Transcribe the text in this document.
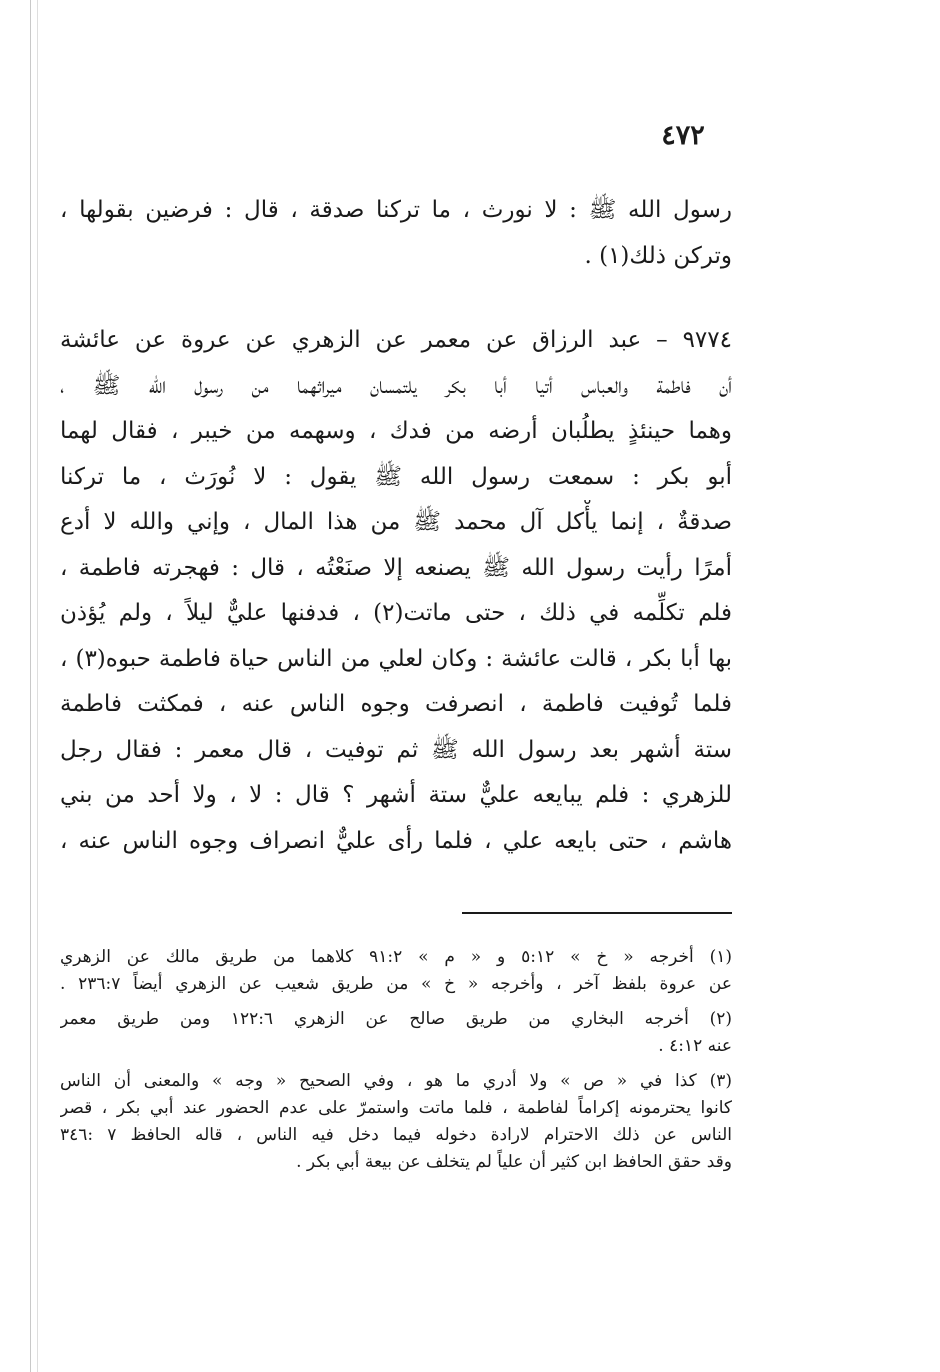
٤٧٢
رسول الله ﷺ : لا نورث ، ما تركنا صدقة ، قال : فرضين بقولها ،
وتركن ذلك(١) .
٩٧٧٤ – عبد الرزاق عن معمر عن الزهري عن عروة عن عائشة
أن فاطمة والعباس أتيا أبا بكر يلتمسان ميراثهما من رسول الله ﷺ ،
وهما حينئذٍ يطلُبان أرضه من فدك ، وسهمه من خيبر ، فقال لهما
أبو بكر : سمعت رسول الله ﷺ يقول : لا نُورَث ، ما تركنا
صدقةٌ ، إنما يأْكل آل محمد ﷺ من هذا المال ، وإني والله لا أدع
أمرًا رأيت رسول الله ﷺ يصنعه إلا صنَعْتُه ، قال : فهجرته فاطمة ،
فلم تكلِّمه في ذلك ، حتى ماتت(٢) ، فدفنها عليٌّ ليلاً ، ولم يُؤذن
بها أبا بكر ، قالت عائشة : وكان لعلي من الناس حياة فاطمة حبوه(٣) ،
فلما تُوفيت فاطمة ، انصرفت وجوه الناس عنه ، فمكثت فاطمة
ستة أشهر بعد رسول الله ﷺ ثم توفيت ، قال معمر : فقال رجل
للزهري : فلم يبايعه عليٌّ ستة أشهر ؟ قال : لا ، ولا أحد من بني
هاشم ، حتى بايعه علي ، فلما رأى عليٌّ انصراف وجوه الناس عنه ،
(١) أخرجه « خ » ٥:١٢ و « م » ٩١:٢ كلاهما من طريق مالك عن الزهري
عن عروة بلفظ آخر ، وأخرجه « خ » من طريق شعيب عن الزهري أيضاً ٢٣٦:٧ .
(٢) أخرجه البخاري من طريق صالح عن الزهري ١٢٢:٦ ومن طريق معمر
عنه ٤:١٢ .
(٣) كذا في « ص » ولا أدري ما هو ، وفي الصحيح « وجه » والمعنى أن الناس
كانوا يحترمونه إكراماً لفاطمة ، فلما ماتت واستمرّ على عدم الحضور عند أبي بكر ، قصر
الناس عن ذلك الاحترام لارادة دخوله فيما دخل فيه الناس ، قاله الحافظ ٧ :٣٤٦
وقد حقق الحافظ ابن كثير أن علياً لم يتخلف عن بيعة أبي بكر .
